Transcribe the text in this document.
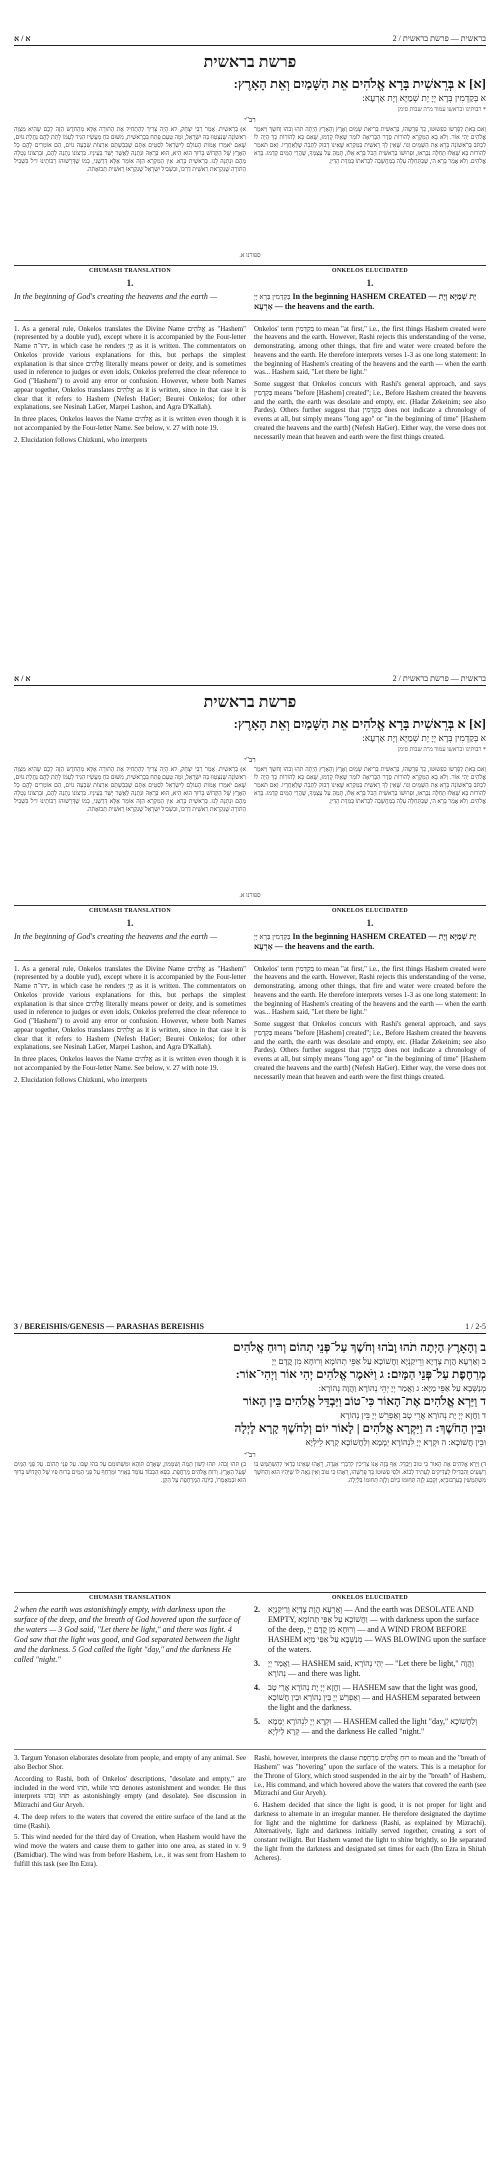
א / א	2 / בראשית — פרשת בראשית
פרשת בראשית
[א] א בְּרֵאשִׁית בָּרָא אֱלֹהִים אֵת הַשָּׁמַיִם וְאֵת הָאָרֶץ:
א בְּקַדְמִין בְּרָא יְיָ יָת שְׁמַיָּא וְיָת אַרְעָא:
* רבותינו ובראשו עמוד מ"ה שבות סימן
רב"י
א) בְּרֵאשִׁית. אָמַר רַבִּי יִצְחָק, לֹא הָיָה צָרִיךְ לְהַתְחִיל אֶת הַתּוֹרָה אֶלָּא מֵהַחֹדֶשׁ הַזֶּה לָכֶם שֶׁהִיא מִצְוָה רִאשׁוֹנָה שֶׁנִּצְטַוּוּ בָּהּ יִשְׂרָאֵל, וּמַה טַּעַם פָּתַח בִּבְרֵאשִׁית, מִשּׁוּם כֹּחַ מַעֲשָׂיו הִגִּיד לְעַמּוֹ לָתֵת לָהֶם נַחֲלַת גּוֹיִם, שֶׁאִם יֹאמְרוּ אֻמּוֹת הָעוֹלָם לְיִשְׂרָאֵל לִסְטִים אַתֶּם שֶׁכְּבַשְׁתֶּם אַרְצוֹת שִׁבְעָה גוֹיִם, הֵם אוֹמְרִים לָהֶם כָּל הָאָרֶץ שֶׁל הַקָּדוֹשׁ בָּרוּךְ הוּא הִיא, הוּא בְּרָאָהּ וּנְתָנָהּ לַאֲשֶׁר יָשַׁר בְּעֵינָיו. בִּרְצוֹנוֹ נְתָנָהּ לָהֶם, וּבִרְצוֹנוֹ נְטָלָהּ מֵהֶם וּנְתָנָהּ לָנוּ. בְּרֵאשִׁית בָּרָא. אֵין הַמִּקְרָא הַזֶּה אוֹמֵר אֶלָּא דָּרְשֵׁנִי, כְּמוֹ שֶׁדְּרָשׁוּהוּ רַבּוֹתֵינוּ ז"ל בִּשְׁבִיל הַתּוֹרָה שֶׁנִּקְרֵאת רֵאשִׁית דַּרְכּוֹ, וּבִשְׁבִיל יִשְׂרָאֵל שֶׁנִּקְרְאוּ רֵאשִׁית תְּבוּאָתֹה.
וְאִם בָּאתָ לְפָרְשׁוֹ כִּפְשׁוּטוֹ, כָּךְ פָּרְשֵׁהוּ, בְּרֵאשִׁית בְּרִיאַת שָׁמַיִם וָאָרֶץ וְהָאָרֶץ הָיְתָה תֹהוּ וָבֹהוּ וְחֹשֶׁךְ וַיֹּאמֶר אֱלֹהִים יְהִי אוֹר. וְלֹא בָא הַמִּקְרָא לְהוֹרוֹת סֵדֶר הַבְּרִיאָה לוֹמַר שֶׁאֵלּוּ קָדְמוּ, שֶׁאִם בָּא לְהוֹרוֹת כָּךְ הָיָה לוֹ לִכְתֹּב בָּרִאשׁוֹנָה בָּרָא אֶת הַשָּׁמַיִם וְגוֹ'. שֶׁאֵין לְךָ רֵאשִׁית בַּמִּקְרָא שֶׁאֵינוֹ דָבוּק לַתֵּבָה שֶׁלְּאַחֲרָיו. וְאִם תֹּאמַר לְהוֹרוֹת בָּא שֶׁאֵלּוּ תְּחִלָּה נִבְרְאוּ, וּפֵרוּשׁוֹ בְּרֵאשִׁית הַכֹּל בָּרָא אֵלּוּ, תָּמֵהַּ עַל עַצְמְךָ, שֶׁהֲרֵי הַמַּיִם קָדְמוּ. בָּרָא אֱלֹהִים. וְלֹא אָמַר בָּרָא ה', שֶׁבַּתְּחִלָּה עָלָה בְמַחֲשָׁבָה לִבְרֹאתוֹ בְּמִדַּת הַדִּין.
ספורנו א.
CHUMASH TRANSLATION	ONKELOS ELUCIDATED
1.
In the beginning of God's creating the heavens and the earth —
1.
בְּקַדְמִין בְּרָא יְיָ In the beginning HASHEM CREATED — יָת שְׁמַיָּא וְיָת אַרְעָא — the heavens and the earth.

1. As a general rule, Onkelos translates the Divine Name אֱלֹהִים as "Hashem" (represented by a double yud), except where it is accompanied by the Four-letter Name יהו־ה, in which case he renders קְיָ as it is written. The commentators on Onkelos provide various explanations for this, but perhaps the simplest explanation is that since אֱלֹהִים literally means power or deity, and is sometimes used in reference to judges or even idols, Onkelos preferred the clear reference to God ("Hashem") to avoid any error or confusion. However, where both Names appear together, Onkelos translates אֱלֹהִים as it is written, since in that case it is clear that it refers to Hashem (Nefesh HaGer; Beurei Onkelos; for other explanations, see Nesinah LaGer, Marpei Lashon, and Agra D'Kallah).

In three places, Onkelos leaves the Name אֱלֹהִים as it is written even though it is not accompanied by the Four-letter Name. See below, v. 27 with note 19.

2. Elucidation follows Chizkuni, who interprets

Onkelos' term בְּקַדְמִין to mean "at first," i.e., the first things Hashem created were the heavens and the earth. However, Rashi rejects this understanding of the verse, demonstrating, among other things, that fire and water were created before the heavens and the earth. He therefore interprets verses 1-3 as one long statement: In the beginning of Hashem's creating of the heavens and the earth — when the earth was... Hashem said, "Let there be light."

Some suggest that Onkelos concurs with Rashi's general approach, and says בְּקַדְמִין means "before [Hashem] created"; i.e., Before Hashem created the heavens and the earth, the earth was desolate and empty, etc. (Hadar Zekeinim; see also Pardes). Others further suggest that בְּקַדְמִין does not indicate a chronology of events at all, but simply means "long ago" or "in the beginning of time" [Hashem created the heavens and the earth] (Nefesh HaGer). Either way, the verse does not necessarily mean that heaven and earth were the first things created.

א / א	2 / בראשית — פרשת בראשית
פרשת בראשית
[א] א בְּרֵאשִׁית בָּרָא אֱלֹהִים אֵת הַשָּׁמַיִם וְאֵת הָאָרֶץ:
א בְּקַדְמִין בְּרָא יְיָ יָת שְׁמַיָּא וְיָת אַרְעָא:
* רבותינו ובראשו עמוד מ"ה שבות סימן
רב"י
א) בְּרֵאשִׁית. אָמַר רַבִּי יִצְחָק, לֹא הָיָה צָרִיךְ לְהַתְחִיל אֶת הַתּוֹרָה אֶלָּא מֵהַחֹדֶשׁ הַזֶּה לָכֶם שֶׁהִיא מִצְוָה רִאשׁוֹנָה שֶׁנִּצְטַוּוּ בָּהּ יִשְׂרָאֵל, וּמַה טַּעַם פָּתַח בִּבְרֵאשִׁית, מִשּׁוּם כֹּחַ מַעֲשָׂיו הִגִּיד לְעַמּוֹ לָתֵת לָהֶם נַחֲלַת גּוֹיִם, שֶׁאִם יֹאמְרוּ אֻמּוֹת הָעוֹלָם לְיִשְׂרָאֵל לִסְטִים אַתֶּם שֶׁכְּבַשְׁתֶּם אַרְצוֹת שִׁבְעָה גוֹיִם, הֵם אוֹמְרִים לָהֶם כָּל הָאָרֶץ שֶׁל הַקָּדוֹשׁ בָּרוּךְ הוּא הִיא, הוּא בְּרָאָהּ וּנְתָנָהּ לַאֲשֶׁר יָשַׁר בְּעֵינָיו. בִּרְצוֹנוֹ נְתָנָהּ לָהֶם, וּבִרְצוֹנוֹ נְטָלָהּ מֵהֶם וּנְתָנָהּ לָנוּ. בְּרֵאשִׁית בָּרָא. אֵין הַמִּקְרָא הַזֶּה אוֹמֵר אֶלָּא דָּרְשֵׁנִי, כְּמוֹ שֶׁדְּרָשׁוּהוּ רַבּוֹתֵינוּ ז"ל בִּשְׁבִיל הַתּוֹרָה שֶׁנִּקְרֵאת רֵאשִׁית דַּרְכּוֹ, וּבִשְׁבִיל יִשְׂרָאֵל שֶׁנִּקְרְאוּ רֵאשִׁית תְּבוּאָתֹה.
וְאִם בָּאתָ לְפָרְשׁוֹ כִּפְשׁוּטוֹ, כָּךְ פָּרְשֵׁהוּ, בְּרֵאשִׁית בְּרִיאַת שָׁמַיִם וָאָרֶץ וְהָאָרֶץ הָיְתָה תֹהוּ וָבֹהוּ וְחֹשֶׁךְ וַיֹּאמֶר אֱלֹהִים יְהִי אוֹר. וְלֹא בָא הַמִּקְרָא לְהוֹרוֹת סֵדֶר הַבְּרִיאָה לוֹמַר שֶׁאֵלּוּ קָדְמוּ, שֶׁאִם בָּא לְהוֹרוֹת כָּךְ הָיָה לוֹ לִכְתֹּב בָּרִאשׁוֹנָה בָּרָא אֶת הַשָּׁמַיִם וְגוֹ'. שֶׁאֵין לְךָ רֵאשִׁית בַּמִּקְרָא שֶׁאֵינוֹ דָבוּק לַתֵּבָה שֶׁלְּאַחֲרָיו. וְאִם תֹּאמַר לְהוֹרוֹת בָּא שֶׁאֵלּוּ תְּחִלָּה נִבְרְאוּ, וּפֵרוּשׁוֹ בְּרֵאשִׁית הַכֹּל בָּרָא אֵלּוּ, תָּמֵהַּ עַל עַצְמְךָ, שֶׁהֲרֵי הַמַּיִם קָדְמוּ. בָּרָא אֱלֹהִים. וְלֹא אָמַר בָּרָא ה', שֶׁבַּתְּחִלָּה עָלָה בְמַחֲשָׁבָה לִבְרֹאתוֹ בְּמִדַּת הַדִּין.
ספורנו א.
CHUMASH TRANSLATION	ONKELOS ELUCIDATED
1.
In the beginning of God's creating the heavens and the earth —
1.
בְּקַדְמִין בְּרָא יְיָ In the beginning HASHEM CREATED — יָת שְׁמַיָּא וְיָת אַרְעָא — the heavens and the earth.

1. As a general rule, Onkelos translates the Divine Name אֱלֹהִים as "Hashem" (represented by a double yud), except where it is accompanied by the Four-letter Name יהו־ה, in which case he renders קְיָ as it is written. The commentators on Onkelos provide various explanations for this, but perhaps the simplest explanation is that since אֱלֹהִים literally means power or deity, and is sometimes used in reference to judges or even idols, Onkelos preferred the clear reference to God ("Hashem") to avoid any error or confusion. However, where both Names appear together, Onkelos translates אֱלֹהִים as it is written, since in that case it is clear that it refers to Hashem (Nefesh HaGer; Beurei Onkelos; for other explanations, see Nesinah LaGer, Marpei Lashon, and Agra D'Kallah).

In three places, Onkelos leaves the Name אֱלֹהִים as it is written even though it is not accompanied by the Four-letter Name. See below, v. 27 with note 19.

2. Elucidation follows Chizkuni, who interprets

Onkelos' term בְּקַדְמִין to mean "at first," i.e., the first things Hashem created were the heavens and the earth. However, Rashi rejects this understanding of the verse, demonstrating, among other things, that fire and water were created before the heavens and the earth. He therefore interprets verses 1-3 as one long statement: In the beginning of Hashem's creating of the heavens and the earth — when the earth was... Hashem said, "Let there be light."

Some suggest that Onkelos concurs with Rashi's general approach, and says בְּקַדְמִין means "before [Hashem] created"; i.e., Before Hashem created the heavens and the earth, the earth was desolate and empty, etc. (Hadar Zekeinim; see also Pardes). Others further suggest that בְּקַדְמִין does not indicate a chronology of events at all, but simply means "long ago" or "in the beginning of time" [Hashem created the heavens and the earth] (Nefesh HaGer). Either way, the verse does not necessarily mean that heaven and earth were the first things created.

3 / BEREISHIS/GENESIS — PARASHAS BEREISHIS	1 / 2-5
ב וְהָאָרֶץ הָיְתָה תֹהוּ וָבֹהוּ וְחֹשֶׁךְ עַל־פְּנֵי תְהוֹם וְרוּחַ אֱלֹהִים
ב וְאַרְעָא הֲוָת צָדְיָא וְרֵיקַנְיָא וַחֲשׁוֹכָא עַל אַפֵּי תְהוֹמָא וְרוּחָא מִן קֳדָם יְיָ
מְרַחֶפֶת עַל־פְּנֵי הַמָּיִם: ג וַיֹּאמֶר אֱלֹהִים יְהִי אוֹר וַיְהִי־אוֹר:
מְנַשְּׁבָא עַל אַפֵּי מַיָּא: ג וַאֲמַר יְיָ יְהֵי נְהוֹרָא וַהֲוָה נְהוֹרָא:
ד וַיַּרְא אֱלֹהִים אֶת־הָאוֹר כִּי־טוֹב וַיַּבְדֵּל אֱלֹהִים בֵּין הָאוֹר
ד וַחֲזָא יְיָ יָת נְהוֹרָא אֲרֵי טָב וְאַפְרֵשׁ יְיָ בֵּין נְהוֹרָא
וּבֵין הַחֹשֶׁךְ: ה וַיִּקְרָא אֱלֹהִים | לָאוֹר יוֹם וְלַחֹשֶׁךְ קָרָא לָיְלָה
וּבֵין חֲשׁוֹכָא: ה וּקְרָא יְיָ לִנְהוֹרָא יְמָמָא וְלַחֲשׁוֹכָא קְרָא לֵילְיָא
רב"י
ב) תֹּהוּ וָבֹהוּ. תֹּהוּ לְשׁוֹן תֵּמַהּ וְשִׁמָּמוֹן, שֶׁאָדָם תּוֹהֶא וּמִשְׁתּוֹמֵם עַל בֹּהוּ שֶׁבּוֹ. עַל פְּנֵי תְהוֹם. עַל פְּנֵי הַמַּיִם שֶׁעַל הָאָרֶץ. וְרוּחַ אֱלֹהִים מְרַחֶפֶת. כִּסֵּא הַכָּבוֹד עוֹמֵד בָּאֲוִיר וּמְרַחֵף עַל פְּנֵי הַמַּיִם בְּרוּחַ פִּיו שֶׁל הַקָּדוֹשׁ בָּרוּךְ הוּא וּבְמַאֲמָרוֹ, כַּיּוֹנָה הַמְרַחֶפֶת עַל הַקֵּן.
ד) וַיַּרְא אֱלֹהִים אֶת הָאוֹר כִּי טוֹב וַיַּבְדֵּל. אַף בָּזֶה אָנוּ צְרִיכִין לְדִבְרֵי אַגָּדָה, רָאָהוּ שֶׁאֵינוֹ כְדַאי לְהִשְׁתַּמֵּשׁ בּוֹ רְשָׁעִים וְהִבְדִּילוֹ לַצַּדִּיקִים לֶעָתִיד לָבוֹא. וּלְפִי פְשׁוּטוֹ כָּךְ פָּרְשֵׁהוּ, רָאָהוּ כִּי טוֹב וְאֵין נָאֶה לוֹ שֶׁיִּהְיוּ הוּא וְהַחֹשֶׁךְ מִשְׁתַּמְּשִׁין בְּעִרְבּוּבְיָא, וְקָבַע לָזֶה תְּחוּמוֹ בַּיּוֹם וְלָזֶה תְּחוּמוֹ בַּלַּיְלָה.
CHUMASH TRANSLATION	ONKELOS ELUCIDATED
2 when the earth was astonishingly empty, with darkness upon the surface of the deep, and the breath of God hovered upon the surface of the waters — 3 God said, "Let there be light," and there was light. 4 God saw that the light was good, and God separated between the light and the darkness. 5 God called the light "day," and the darkness He called "night."
2.	וְאַרְעָא הֲוָת צָדְיָא וְרֵיקַנְיָא — And the earth was DESOLATE AND EMPTY, וַחֲשׁוֹכָא עַל אַפֵּי תְהוֹמָא — with darkness upon the surface of the deep, וְרוּחָא מִן קֳדָם יְיָ — and A WIND FROM BEFORE HASHEM מְנַשְּׁבָא עַל אַפֵּי מַיָּא — WAS BLOWING upon the surface of the waters.
3.	וַאֲמַר יְיָ — HASHEM said, יְהֵי נְהוֹרָא — "Let there be light," וַהֲוָה נְהוֹרָא — and there was light.
4.	וַחֲזָא יְיָ יָת נְהוֹרָא אֲרֵי טָב — HASHEM saw that the light was good, וְאַפְרֵשׁ יְיָ בֵּין נְהוֹרָא וּבֵין חֲשׁוֹכָא — and HASHEM separated between the light and the darkness.
5.	וּקְרָא יְיָ לִנְהוֹרָא יְמָמָא — HASHEM called the light "day," וְלַחֲשׁוֹכָא קְרָא לֵילְיָא — and the darkness He called "night."

3. Targum Yonason elaborates desolate from people, and empty of any animal. See also Bechor Shor.

According to Rashi, both of Onkelos' descriptions, "desolate and empty," are included in the word תֹהוּ, while בֹהוּ denotes astonishment and wonder. He thus interprets תֹהוּ וָבֹהוּ as astonishingly empty (and desolate). See discussion in Mizrachi and Gur Aryeh.

4. The deep refers to the waters that covered the entire surface of the land at the time (Rashi).

5. This wind needed for the third day of Creation, when Hashem would have the wind move the waters and cause them to gather into one area, as stated in v. 9 (Bamidbar). The wind was from before Hashem, i.e., it was sent from Hashem to fulfill this task (see Ibn Ezra).

Rashi, however, interprets the clause רוּחַ אֱלֹהִים מְרַחֶפֶת to mean and the "breath of Hashem" was "hovering" upon the surface of the waters. This is a metaphor for the Throne of Glory, which stood suspended in the air by the "breath" of Hashem, i.e., His command, and which hovered above the waters that covered the earth (see Mizrachi and Gur Aryeh).

6. Hashem decided that since the light is good, it is not proper for light and darkness to alternate in an irregular manner. He therefore designated the daytime for light and the nighttime for darkness (Rashi, as explained by Mizrachi). Alternatively, light and darkness initially served together, creating a sort of constant twilight. But Hashem wanted the light to shine brightly, so He separated the light from the darkness and designated set times for each (Ibn Ezra in Shitah Acheres).
